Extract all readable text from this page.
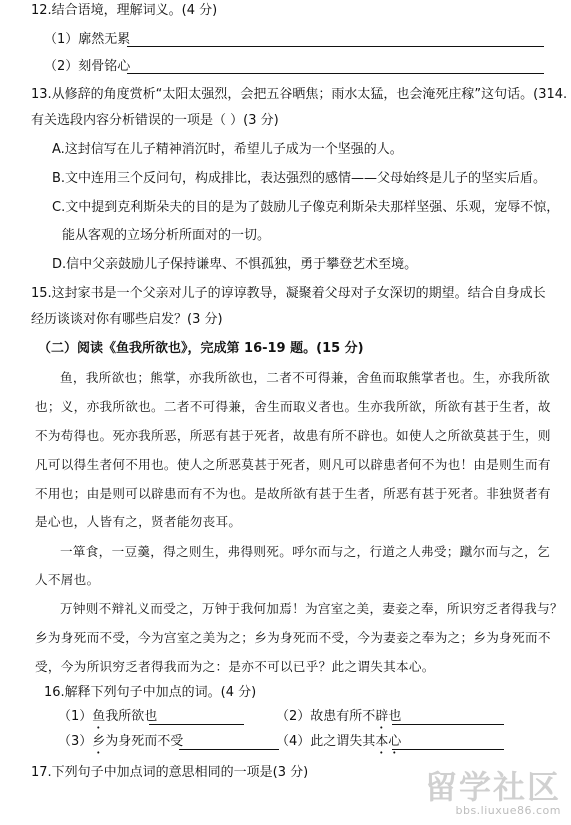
12.结合语境，理解词义。(4 分)
（1）廓然无累
（2）刻骨铭心
13.从修辞的角度赏析“太阳太强烈，会把五谷晒焦；雨水太猛，也会淹死庄稼”这句话。(314.
有关选段内容分析错误的一项是（ ）(3 分)
A.这封信写在儿子精神消沉时，希望儿子成为一个坚强的人。
B.文中连用三个反问句，构成排比，表达强烈的感情——父母始终是儿子的坚实后盾。
C.文中提到克利斯朵夫的目的是为了鼓励儿子像克利斯朵夫那样坚强、乐观，宠辱不惊，
能从客观的立场分析所面对的一切。
D.信中父亲鼓励儿子保持谦卑、不惧孤独，勇于攀登艺术至境。
15.这封家书是一个父亲对儿子的谆谆教导，凝聚着父母对子女深切的期望。结合自身成长
经历谈谈对你有哪些启发？(3 分)
（二）阅读《鱼我所欲也》，完成第 16-19 题。(15 分)
鱼，我所欲也；熊掌，亦我所欲也，二者不可得兼，舍鱼而取熊掌者也。生，亦我所欲
也；义，亦我所欲也。二者不可得兼，舍生而取义者也。生亦我所欲，所欲有甚于生者，故
不为苟得也。死亦我所恶，所恶有甚于死者，故患有所不辟也。如使人之所欲莫甚于生，则
凡可以得生者何不用也。使人之所恶莫甚于死者，则凡可以辟患者何不为也！由是则生而有
不用也；由是则可以辟患而有不为也。是故所欲有甚于生者，所恶有甚于死者。非独贤者有
是心也，人皆有之，贤者能勿丧耳。
一箪食，一豆羹，得之则生，弗得则死。呼尔而与之，行道之人弗受；蹴尔而与之，乞
人不屑也。
万钟则不辩礼义而受之，万钟于我何加焉！为宫室之美，妻妾之奉，所识穷乏者得我与？
乡为身死而不受，今为宫室之美为之；乡为身死而不受，今为妻妾之奉为之；乡为身死而不
受，今为所识穷乏者得我而为之：是亦不可以已乎？此之谓失其本心。
16.解释下列句子中加点的词。(4 分)
（1）鱼我所欲也	（2）故患有所不辟也
（3）乡为身死而不受	（4）此之谓失其本心
17.下列句子中加点词的意思相同的一项是(3 分)	留学社区
bbs.liuxue86.com
